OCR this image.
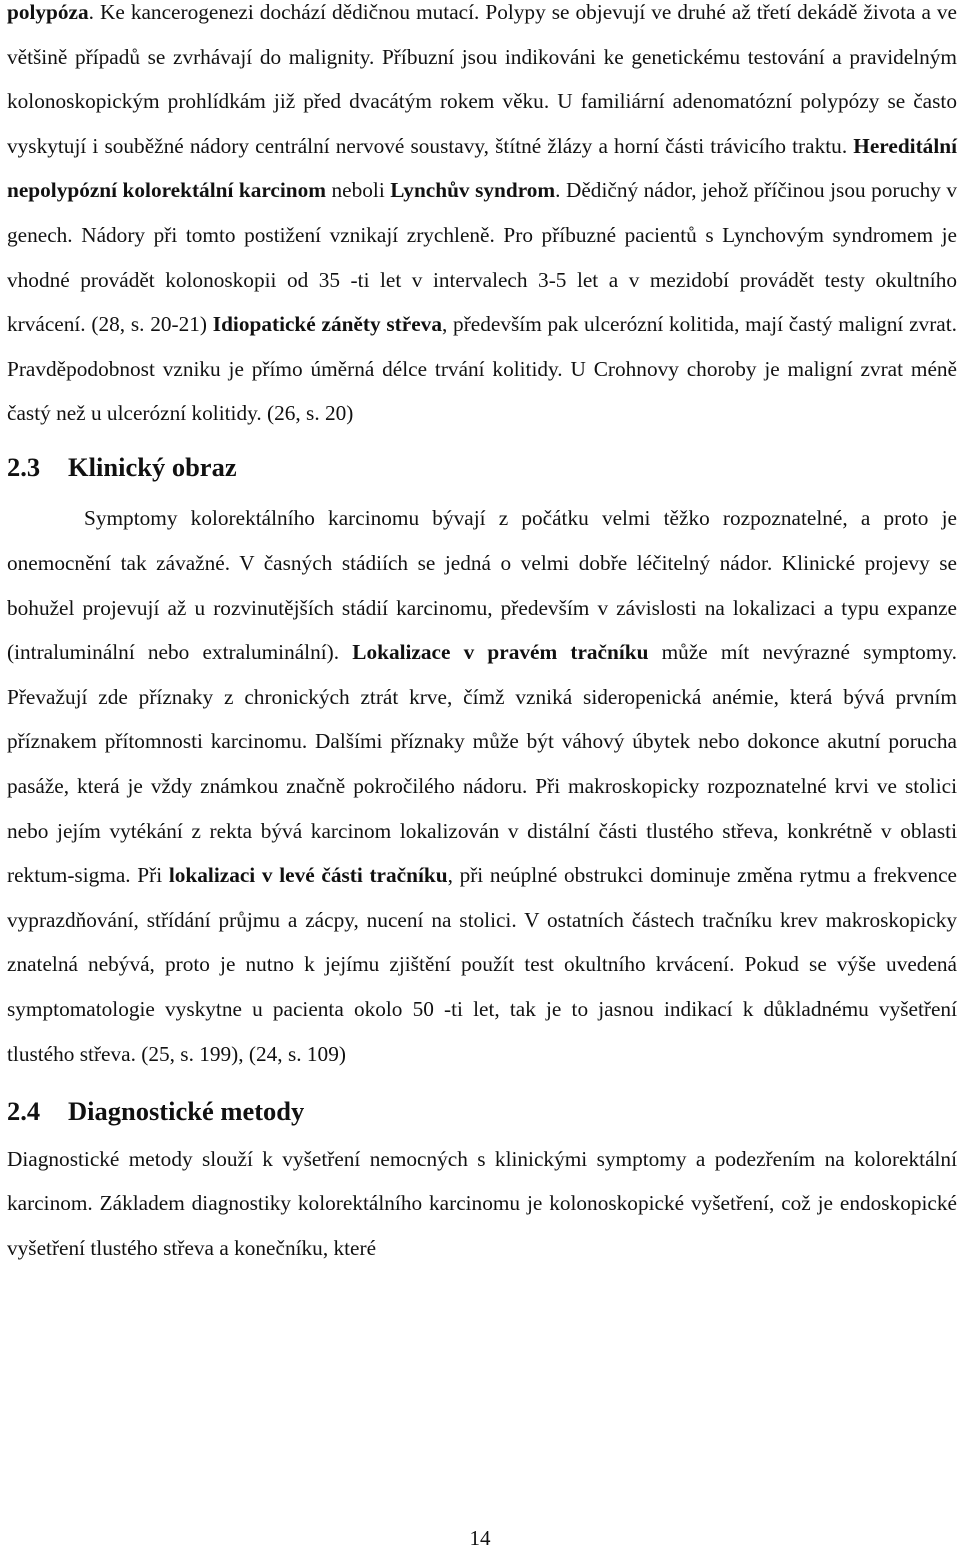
polypóza. Ke kancerogenezi dochází dědičnou mutací. Polypy se objevují ve druhé až třetí dekádě života a ve většině případů se zvrhávají do malignity. Příbuzní jsou indikováni ke genetickému testování a pravidelným kolonoskopickým prohlídkám již před dvacátým rokem věku. U familiární adenomatózní polypózy se často vyskytují i souběžné nádory centrální nervové soustavy, štítné žlázy a horní části trávicího traktu. Hereditální nepolypózní kolorektální karcinom neboli Lynchův syndrom. Dědičný nádor, jehož příčinou jsou poruchy v genech. Nádory při tomto postižení vznikají zrychleně. Pro příbuzné pacientů s Lynchovým syndromem je vhodné provádět kolonoskopii od 35 -ti let v intervalech 3-5 let a v mezidobí provádět testy okultního krvácení. (28, s. 20-21) Idiopatické záněty střeva, především pak ulcerózní kolitida, mají častý maligní zvrat. Pravděpodobnost vzniku je přímo úměrná délce trvání kolitidy. U Crohnovy choroby je maligní zvrat méně častý než u ulcerózní kolitidy. (26, s. 20)

2.3 Klinický obraz

Symptomy kolorektálního karcinomu bývají z počátku velmi těžko rozpoznatelné, a proto je onemocnění tak závažné. V časných stádiích se jedná o velmi dobře léčitelný nádor. Klinické projevy se bohužel projevují až u rozvinutějších stádií karcinomu, především v závislosti na lokalizaci a typu expanze (intraluminální nebo extraluminální). Lokalizace v pravém tračníku může mít nevýrazné symptomy. Převažují zde příznaky z chronických ztrát krve, čímž vzniká sideropenická anémie, která bývá prvním příznakem přítomnosti karcinomu. Dalšími příznaky může být váhový úbytek nebo dokonce akutní porucha pasáže, která je vždy známkou značně pokročilého nádoru. Při makroskopicky rozpoznatelné krvi ve stolici nebo jejím vytékání z rekta bývá karcinom lokalizován v distální části tlustého střeva, konkrétně v oblasti rektum-sigma. Při lokalizaci v levé části tračníku, při neúplné obstrukci dominuje změna rytmu a frekvence vyprazdňování, střídání průjmu a zácpy, nucení na stolici. V ostatních částech tračníku krev makroskopicky znatelná nebývá, proto je nutno k jejímu zjištění použít test okultního krvácení. Pokud se výše uvedená symptomatologie vyskytne u pacienta okolo 50 -ti let, tak je to jasnou indikací k důkladnému vyšetření tlustého střeva. (25, s. 199), (24, s. 109)

2.4 Diagnostické metody

Diagnostické metody slouží k vyšetření nemocných s klinickými symptomy a podezřením na kolorektální karcinom. Základem diagnostiky kolorektálního karcinomu je kolonoskopické vyšetření, což je endoskopické vyšetření tlustého střeva a konečníku, které

14
